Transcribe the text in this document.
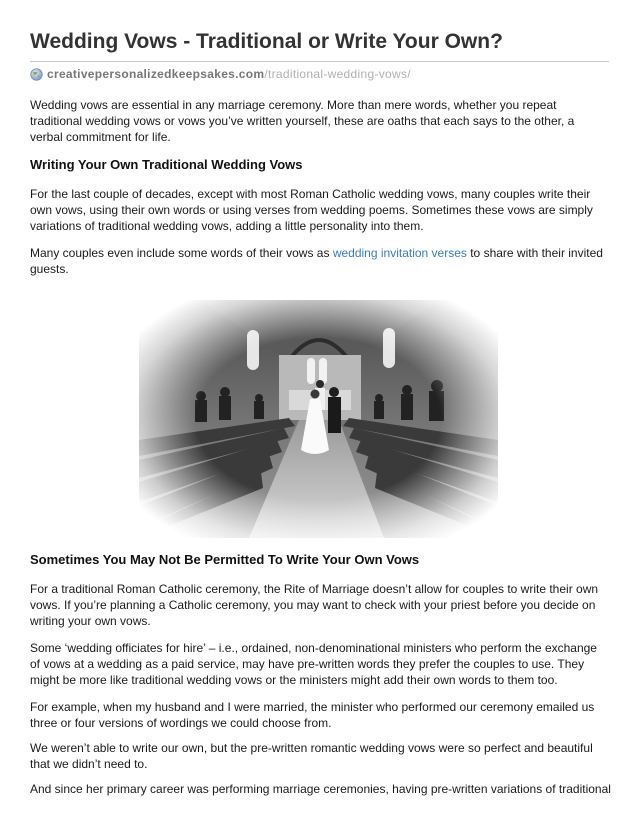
Wedding Vows - Traditional or Write Your Own?
creativepersonalizedkeepsakes.com /traditional-wedding-vows/

Wedding vows are essential in any marriage ceremony. More than mere words, whether you repeat traditional wedding vows or vows you’ve written yourself, these are oaths that each says to the other, a verbal commitment for life.

Writing Your Own Traditional Wedding Vows

For the last couple of decades, except with most Roman Catholic wedding vows, many couples write their own vows, using their own words or using verses from wedding poems. Sometimes these vows are simply variations of traditional wedding vows, adding a little personality into them.

Many couples even include some words of their vows as wedding invitation verses to share with their invited guests.

Sometimes You May Not Be Permitted To Write Your Own Vows

For a traditional Roman Catholic ceremony, the Rite of Marriage doesn’t allow for couples to write their own vows. If you’re planning a Catholic ceremony, you may want to check with your priest before you decide on writing your own vows.

Some ‘wedding officiates for hire’ – i.e., ordained, non-denominational ministers who perform the exchange of vows at a wedding as a paid service, may have pre-written words they prefer the couples to use. They might be more like traditional wedding vows or the ministers might add their own words to them too.

For example, when my husband and I were married, the minister who performed our ceremony emailed us three or four versions of wordings we could choose from.

We weren’t able to write our own, but the pre-written romantic wedding vows were so perfect and beautiful that we didn’t need to.

And since her primary career was performing marriage ceremonies, having pre-written variations of traditional
